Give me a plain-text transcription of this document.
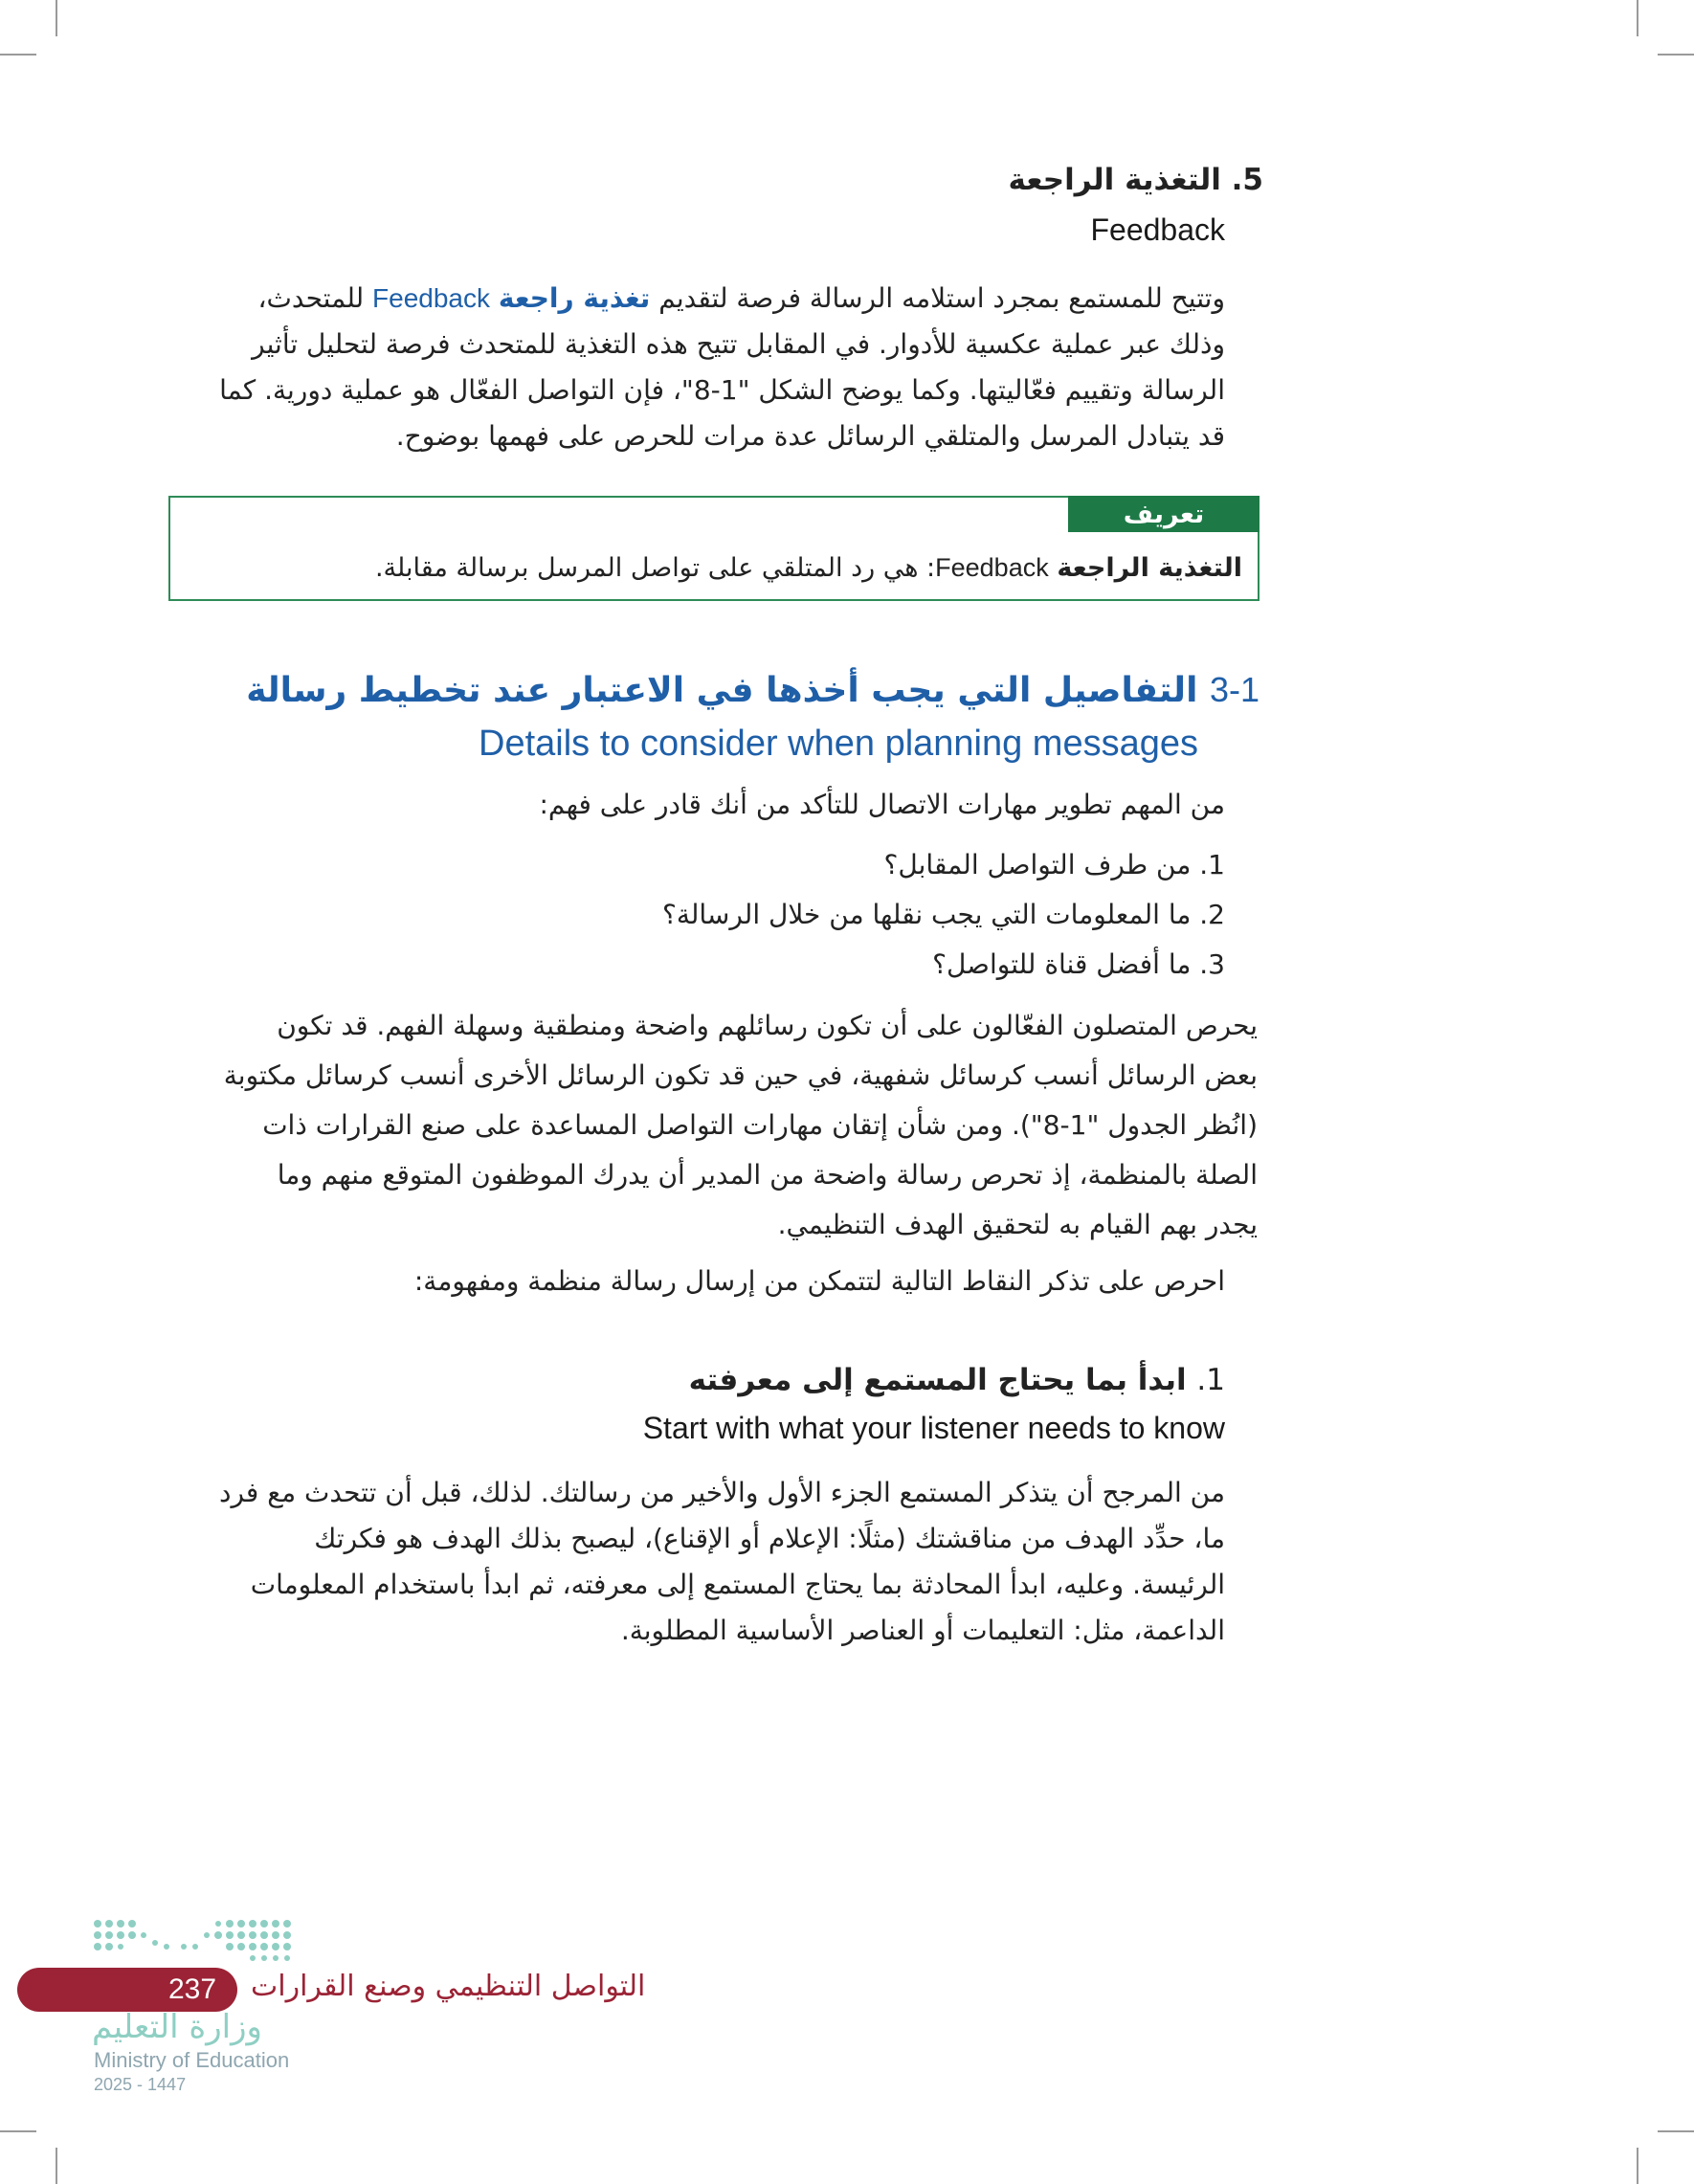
5. التغذية الراجعة
Feedback
وتتيح للمستمع بمجرد استلامه الرسالة فرصة لتقديم تغذية راجعة Feedback للمتحدث،
وذلك عبر عملية عكسية للأدوار. في المقابل تتيح هذه التغذية للمتحدث فرصة لتحليل تأثير
الرسالة وتقييم فعّاليتها. وكما يوضح الشكل "1-8"، فإن التواصل الفعّال هو عملية دورية. كما
قد يتبادل المرسل والمتلقي الرسائل عدة مرات للحرص على فهمها بوضوح.
تعريف
التغذية الراجعة Feedback: هي رد المتلقي على تواصل المرسل برسالة مقابلة.
3-1 التفاصيل التي يجب أخذها في الاعتبار عند تخطيط رسالة
Details to consider when planning messages
من المهم تطوير مهارات الاتصال للتأكد من أنك قادر على فهم:
1. من طرف التواصل المقابل؟
2. ما المعلومات التي يجب نقلها من خلال الرسالة؟
3. ما أفضل قناة للتواصل؟
يحرص المتصلون الفعّالون على أن تكون رسائلهم واضحة ومنطقية وسهلة الفهم. قد تكون
بعض الرسائل أنسب كرسائل شفهية، في حين قد تكون الرسائل الأخرى أنسب كرسائل مكتوبة
(انُظر الجدول "1-8"). ومن شأن إتقان مهارات التواصل المساعدة على صنع القرارات ذات
الصلة بالمنظمة، إذ تحرص رسالة واضحة من المدير أن يدرك الموظفون المتوقع منهم وما
يجدر بهم القيام به لتحقيق الهدف التنظيمي.
احرص على تذكر النقاط التالية لتتمكن من إرسال رسالة منظمة ومفهومة:
1. ابدأ بما يحتاج المستمع إلى معرفته
Start with what your listener needs to know
من المرجح أن يتذكر المستمع الجزء الأول والأخير من رسالتك. لذلك، قبل أن تتحدث مع فرد
ما، حدِّد الهدف من مناقشتك (مثلًا: الإعلام أو الإقناع)، ليصبح بذلك الهدف هو فكرتك
الرئيسة. وعليه، ابدأ المحادثة بما يحتاج المستمع إلى معرفته، ثم ابدأ باستخدام المعلومات
الداعمة، مثل: التعليمات أو العناصر الأساسية المطلوبة.
237	التواصل التنظيمي وصنع القرارات
وزارة التعليم
Ministry of Education
2025 - 1447
